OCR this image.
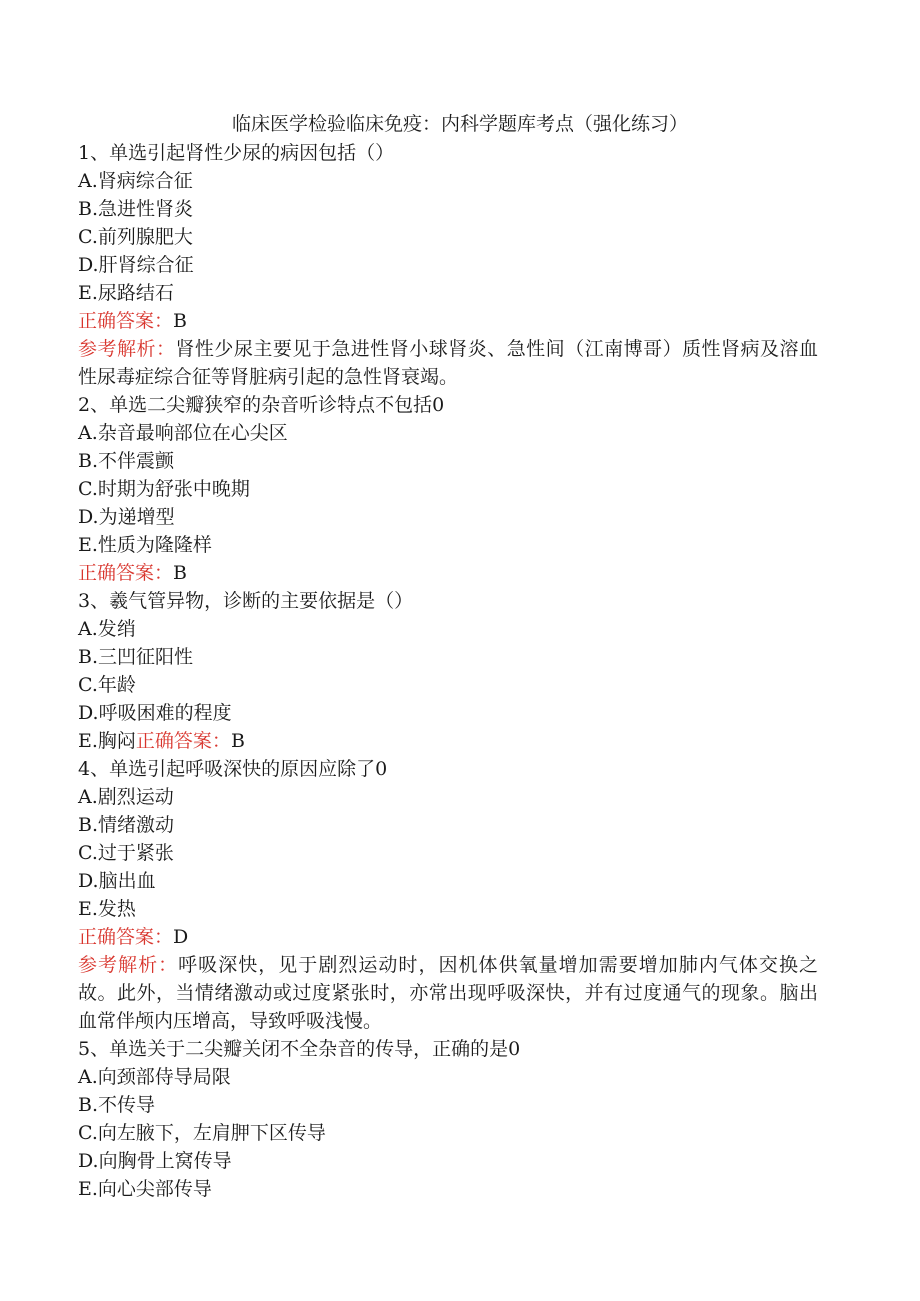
临床医学检验临床免疫：内科学题库考点（强化练习）
1、单选引起肾性少尿的病因包括（）
A.肾病综合征
B.急进性肾炎
C.前列腺肥大
D.肝肾综合征
E.尿路结石
正确答案：B
参考解析：肾性少尿主要见于急进性肾小球肾炎、急性间（江南博哥）质性肾病及溶血性尿毒症综合征等肾脏病引起的急性肾衰竭。
2、单选二尖瓣狭窄的杂音听诊特点不包括0
A.杂音最响部位在心尖区
B.不伴震颤
C.时期为舒张中晚期
D.为递增型
E.性质为隆隆样
正确答案：B
3、羲气管异物，诊断的主要依据是（）
A.发绡
B.三凹征阳性
C.年龄
D.呼吸困难的程度
E.胸闷正确答案：B
4、单选引起呼吸深快的原因应除了0
A.剧烈运动
B.情绪激动
C.过于紧张
D.脑出血
E.发热
正确答案：D
参考解析：呼吸深快，见于剧烈运动时，因机体供氧量增加需要增加肺内气体交换之故。此外，当情绪激动或过度紧张时，亦常出现呼吸深快，并有过度通气的现象。脑出血常伴颅内压增高，导致呼吸浅慢。
5、单选关于二尖瓣关闭不全杂音的传导，正确的是0
A.向颈部侍导局限
B.不传导
C.向左腋下，左肩胛下区传导
D.向胸骨上窝传导
E.向心尖部传导
